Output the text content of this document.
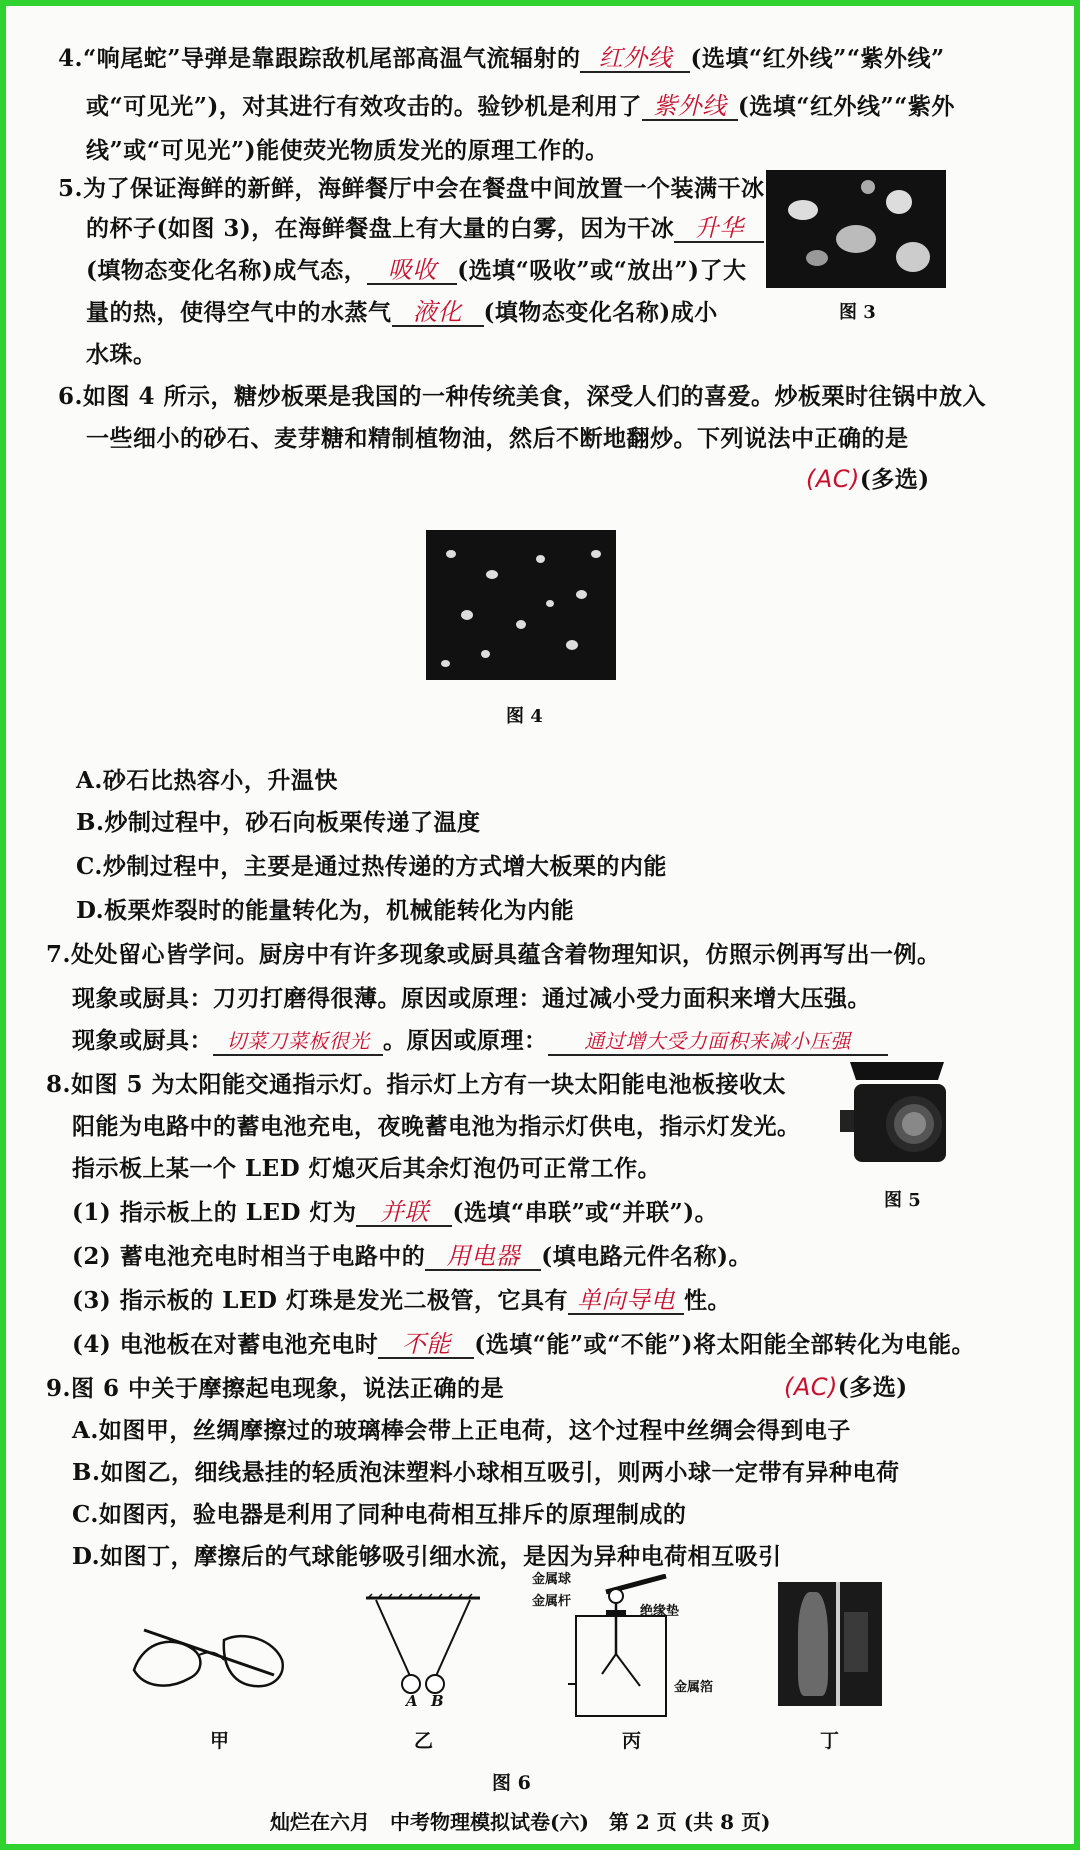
4.“响尾蛇”导弹是靠跟踪敌机尾部高温气流辐射的 红外线 (选填“红外线”“紫外线”
或“可见光”)，对其进行有效攻击的。验钞机是利用了 紫外线 (选填“红外线”“紫外
线”或“可见光”)能使荧光物质发光的原理工作的。
5.为了保证海鲜的新鲜，海鲜餐厅中会在餐盘中间放置一个装满干冰
的杯子(如图 3)，在海鲜餐盘上有大量的白雾，因为干冰 升华
(填物态变化名称)成气态， 吸收 (选填“吸收”或“放出”)了大
量的热，使得空气中的水蒸气 液化 (填物态变化名称)成小
水珠。
图 3
6.如图 4 所示，糖炒板栗是我国的一种传统美食，深受人们的喜爱。炒板栗时往锅中放入
一些细小的砂石、麦芽糖和精制植物油，然后不断地翻炒。下列说法中正确的是
(AC)(多选)
图 4
A.砂石比热容小，升温快
B.炒制过程中，砂石向板栗传递了温度
C.炒制过程中，主要是通过热传递的方式增大板栗的内能
D.板栗炸裂时的能量转化为，机械能转化为内能
7.处处留心皆学问。厨房中有许多现象或厨具蕴含着物理知识，仿照示例再写出一例。
现象或厨具：刀刃打磨得很薄。原因或原理：通过减小受力面积来增大压强。
现象或厨具： 切菜刀菜板很光 。原因或原理： 通过增大受力面积来减小压强
8.如图 5 为太阳能交通指示灯。指示灯上方有一块太阳能电池板接收太
阳能为电路中的蓄电池充电，夜晚蓄电池为指示灯供电，指示灯发光。
指示板上某一个 LED 灯熄灭后其余灯泡仍可正常工作。
(1) 指示板上的 LED 灯为 并联 (选填“串联”或“并联”)。
(2) 蓄电池充电时相当于电路中的 用电器 (填电路元件名称)。
(3) 指示板的 LED 灯珠是发光二极管，它具有 单向导电 性。
(4) 电池板在对蓄电池充电时 不能 (选填“能”或“不能”)将太阳能全部转化为电能。
图 5
9.图 6 中关于摩擦起电现象，说法正确的是	(AC)(多选)
A.如图甲，丝绸摩擦过的玻璃棒会带上正电荷，这个过程中丝绸会得到电子
B.如图乙，细线悬挂的轻质泡沫塑料小球相互吸引，则两小球一定带有异种电荷
C.如图丙，验电器是利用了同种电荷相互排斥的原理制成的
D.如图丁，摩擦后的气球能够吸引细水流，是因为异种电荷相互吸引
A B
金属球
金属杆
绝缘垫
金属箔
甲	乙	丙	丁
图 6
灿烂在六月　中考物理模拟试卷(六)　第 2 页 (共 8 页)
